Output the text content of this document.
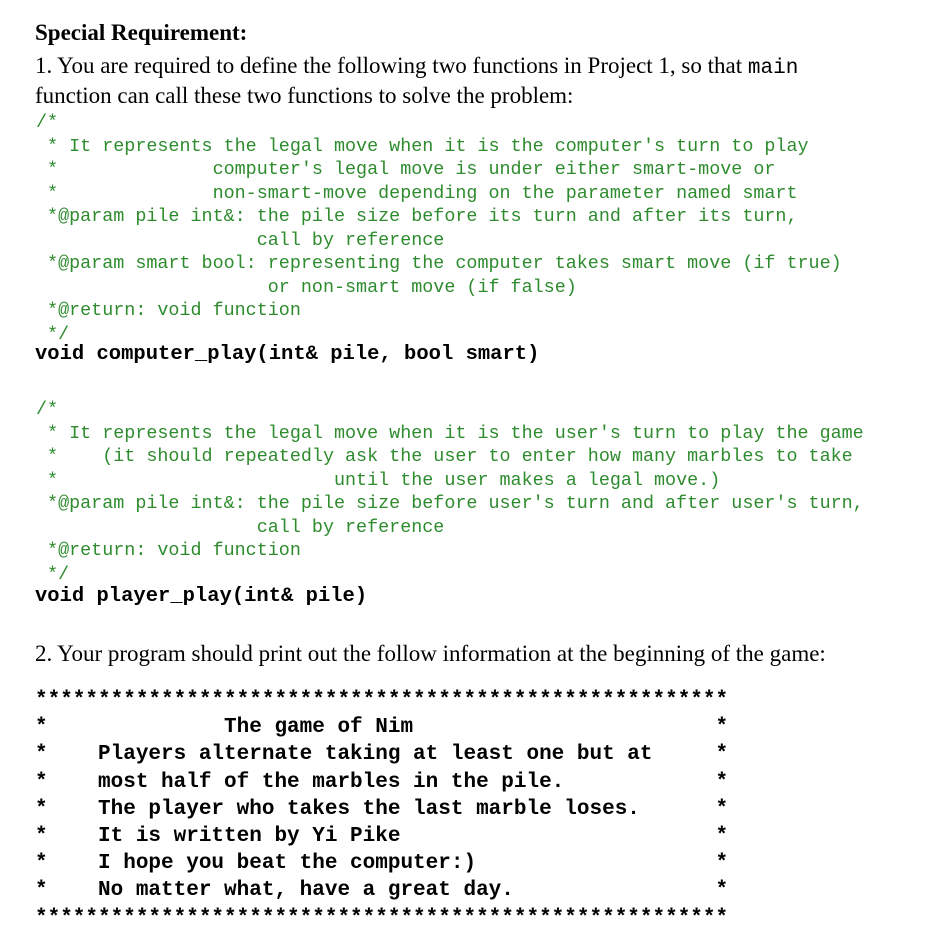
Special Requirement:
1. You are required to define the following two functions in Project 1, so that main
function can call these two functions to solve the problem:
/*
* It represents the legal move when it is the computer's turn to play
*              computer's legal move is under either smart-move or
*              non-smart-move depending on the parameter named smart
*@param pile int&: the pile size before its turn and after its turn,
call by reference
*@param smart bool: representing the computer takes smart move (if true)
or non-smart move (if false)
*@return: void function
*/
void computer_play(int& pile, bool smart)
/*
* It represents the legal move when it is the user's turn to play the game
*    (it should repeatedly ask the user to enter how many marbles to take
*                         until the user makes a legal move.)
*@param pile int&: the pile size before user's turn and after user's turn,
call by reference
*@return: void function
*/
void player_play(int& pile)
2. Your program should print out the follow information at the beginning of the game:
*******************************************************
*              The game of Nim                        *
*    Players alternate taking at least one but at     *
*    most half of the marbles in the pile.            *
*    The player who takes the last marble loses.      *
*    It is written by Yi Pike                         *
*    I hope you beat the computer:)                   *
*    No matter what, have a great day.                *
*******************************************************
